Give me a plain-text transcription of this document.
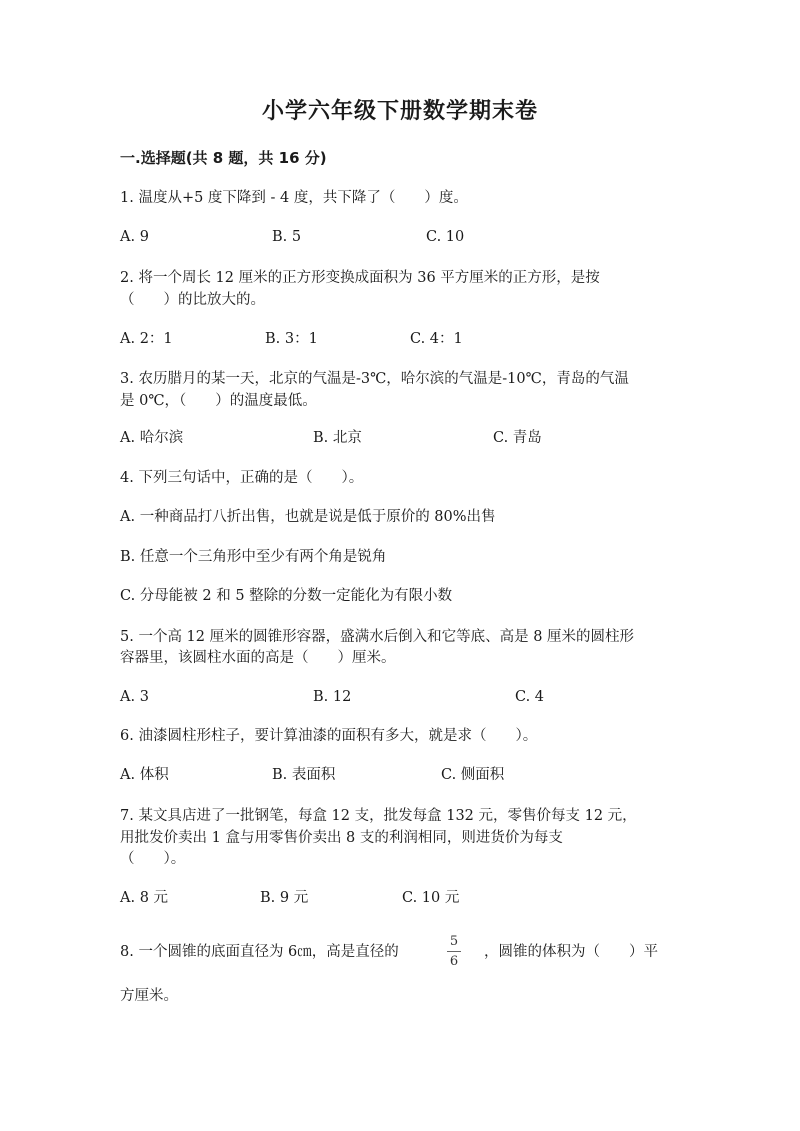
小学六年级下册数学期末卷
一.选择题(共 8 题，共 16 分)
1. 温度从+5 度下降到 - 4 度，共下降了（　　）度。
A. 9	B. 5	C. 10
2. 将一个周长 12 厘米的正方形变换成面积为 36 平方厘米的正方形，是按
（　　）的比放大的。
A. 2：1	B. 3：1	C. 4：1
3. 农历腊月的某一天，北京的气温是-3℃，哈尔滨的气温是-10℃，青岛的气温
是 0℃，（　　）的温度最低。
A. 哈尔滨	B. 北京	C. 青岛
4. 下列三句话中，正确的是（　　）。
A. 一种商品打八折出售，也就是说是低于原价的 80%出售
B. 任意一个三角形中至少有两个角是锐角
C. 分母能被 2 和 5 整除的分数一定能化为有限小数
5. 一个高 12 厘米的圆锥形容器，盛满水后倒入和它等底、高是 8 厘米的圆柱形
容器里，该圆柱水面的高是（　　）厘米。
A. 3	B. 12	C. 4
6. 油漆圆柱形柱子，要计算油漆的面积有多大，就是求（　　）。
A. 体积	B. 表面积	C. 侧面积
7. 某文具店进了一批钢笔，每盒 12 支，批发每盒 132 元，零售价每支 12 元，
用批发价卖出 1 盒与用零售价卖出 8 支的利润相同，则进货价为每支
（　　）。
A. 8 元	B. 9 元	C. 10 元
8. 一个圆锥的底面直径为 6㎝，高是直径的
5
6
，圆锥的体积为（　　）平
方厘米。
